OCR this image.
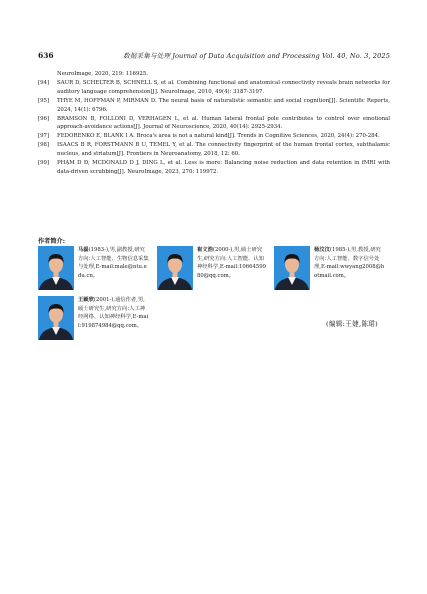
636	数据采集与处理 Journal of Data Acquisition and Processing Vol. 40, No. 3, 2025
NeuroImage, 2020, 219: 116925.
[94] SAUR D, SCHELTER B, SCHNELL S, et al. Combining functional and anatomical connectivity reveals brain networks for auditory language comprehension[J]. NeuroImage, 2010, 49(4): 3187-3197.
[95] THYE M, HOFFMAN P, MIRMAN D. The neural basis of naturalistic semantic and social cognition[J]. Scientific Reports, 2024, 14(1): 6796.
[96] BRAMSON B, FOLLONI D, VERHAGEN L, et al. Human lateral frontal pole contributes to control over emotional approach-avoidance actions[J]. Journal of Neuroscience, 2020, 40(14): 2925-2934.
[97] FEDORENKO E, BLANK I A. Broca's area is not a natural kind[J]. Trends in Cognitive Sciences, 2020, 24(4): 270-284.
[98] ISAACS B R, FORSTMANN B U, TEMEL Y, et al. The connectivity fingerprint of the human frontal cortex, subthalamic nucleus, and striatum[J]. Frontiers in Neuroanatomy, 2018, 12: 60.
[99] PHẠM D Đ, MCDONALD D J, DING L, et al. Less is more: Balancing noise reduction and data retention in fMRI with data-driven scrubbing[J]. NeuroImage, 2023, 270: 119972.
作者简介:
马磊(1983-),男,副教授,研究方向:人工智能、生物信息采集与处理,E-mail:male@ntu.edu.cn。
崔文浩(2000-),男,硕士研究生,研究方向:人工智能、认知神经科学,E-mail:1066459980@qq.com。
杨汶汶(1985-),男,教授,研究方向:人工智能、数字信号处理,E-mail:wwyang2008@hotmail.com。
王颖欣(2001-),通信作者,男,硕士研究生,研究方向:人工神经网络、认知神经科学,E-mail:919874984@qq.com。	(编辑:王婕,陈珺)
